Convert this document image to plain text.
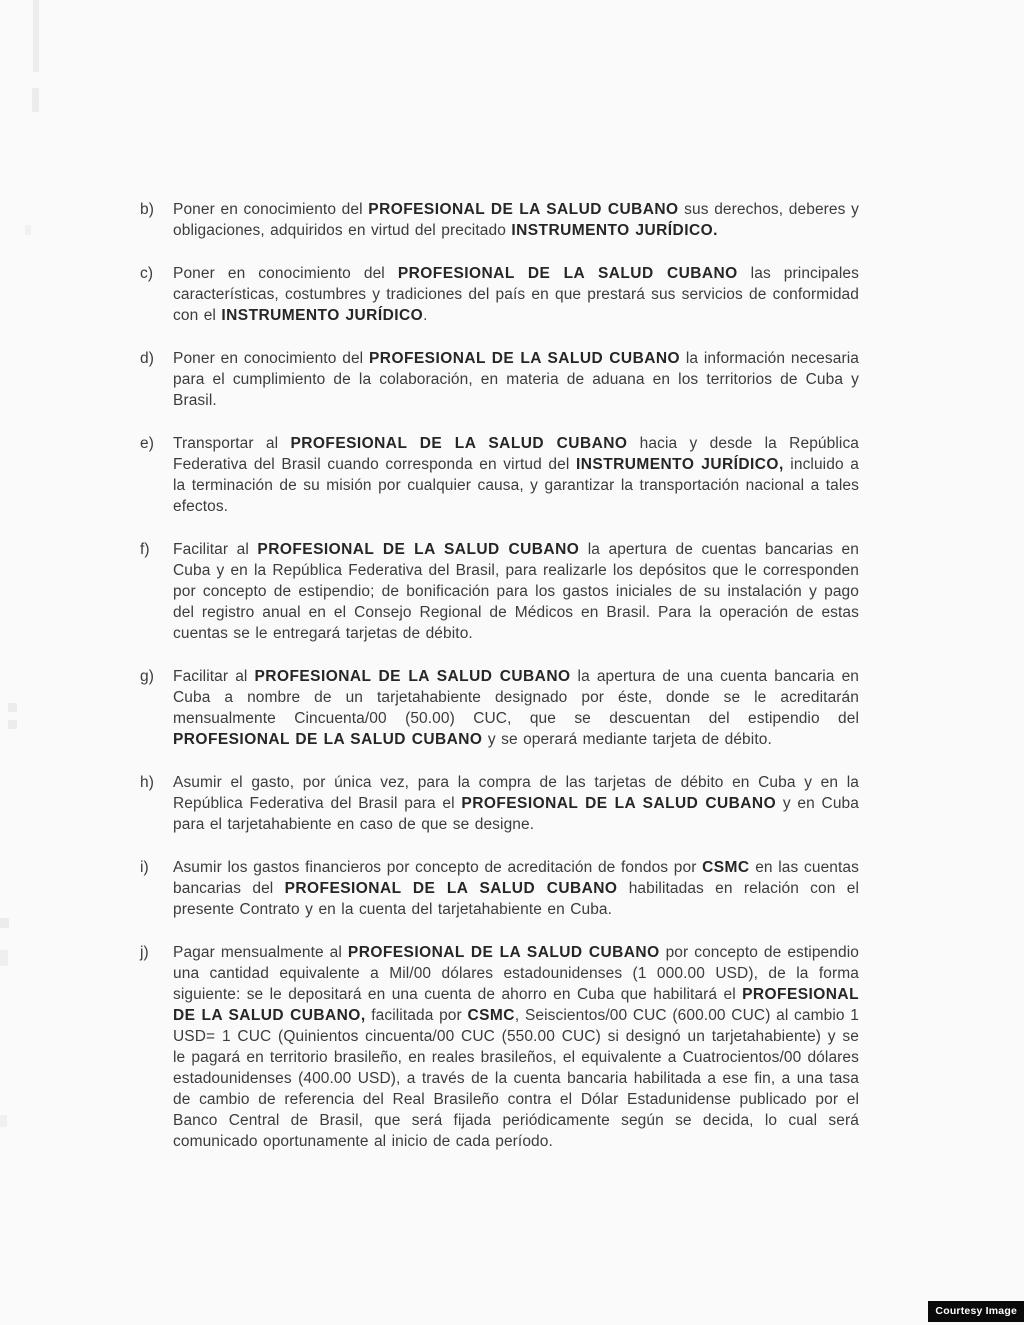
b)	Poner en conocimiento del PROFESIONAL DE LA SALUD CUBANO sus derechos, deberes y obligaciones, adquiridos en virtud del precitado INSTRUMENTO JURÍDICO.
c)	Poner en conocimiento del PROFESIONAL DE LA SALUD CUBANO las principales características, costumbres y tradiciones del país en que prestará sus servicios de conformidad con el INSTRUMENTO JURÍDICO.
d)	Poner en conocimiento del PROFESIONAL DE LA SALUD CUBANO la información necesaria para el cumplimiento de la colaboración, en materia de aduana en los territorios de Cuba y Brasil.
e)	Transportar al PROFESIONAL DE LA SALUD CUBANO hacia y desde la República Federativa del Brasil cuando corresponda en virtud del INSTRUMENTO JURÍDICO, incluido a la terminación de su misión por cualquier causa, y garantizar la transportación nacional a tales efectos.
f)	Facilitar al PROFESIONAL DE LA SALUD CUBANO la apertura de cuentas bancarias en Cuba y en la República Federativa del Brasil, para realizarle los depósitos que le corresponden por concepto de estipendio; de bonificación para los gastos iniciales de su instalación y pago del registro anual en el Consejo Regional de Médicos en Brasil. Para la operación de estas cuentas se le entregará tarjetas de débito.
g)	Facilitar al PROFESIONAL DE LA SALUD CUBANO la apertura de una cuenta bancaria en Cuba a nombre de un tarjetahabiente designado por éste, donde se le acreditarán mensualmente Cincuenta/00 (50.00) CUC, que se descuentan del estipendio del PROFESIONAL DE LA SALUD CUBANO y se operará mediante tarjeta de débito.
h)	Asumir el gasto, por única vez, para la compra de las tarjetas de débito en Cuba y en la República Federativa del Brasil para el PROFESIONAL DE LA SALUD CUBANO y en Cuba para el tarjetahabiente en caso de que se designe.
i)	Asumir los gastos financieros por concepto de acreditación de fondos por CSMC en las cuentas bancarias del PROFESIONAL DE LA SALUD CUBANO habilitadas en relación con el presente Contrato y en la cuenta del tarjetahabiente en Cuba.
j)	Pagar mensualmente al PROFESIONAL DE LA SALUD CUBANO por concepto de estipendio una cantidad equivalente a Mil/00 dólares estadounidenses (1 000.00 USD), de la forma siguiente: se le depositará en una cuenta de ahorro en Cuba que habilitará el PROFESIONAL DE LA SALUD CUBANO, facilitada por CSMC, Seiscientos/00 CUC (600.00 CUC) al cambio 1 USD= 1 CUC (Quinientos cincuenta/00 CUC (550.00 CUC) si designó un tarjetahabiente) y se le pagará en territorio brasileño, en reales brasileños, el equivalente a Cuatrocientos/00 dólares estadounidenses (400.00 USD), a través de la cuenta bancaria habilitada a ese fin, a una tasa de cambio de referencia del Real Brasileño contra el Dólar Estadunidense publicado por el Banco Central de Brasil, que será fijada periódicamente según se decida, lo cual será comunicado oportunamente al inicio de cada período.
Courtesy Image
